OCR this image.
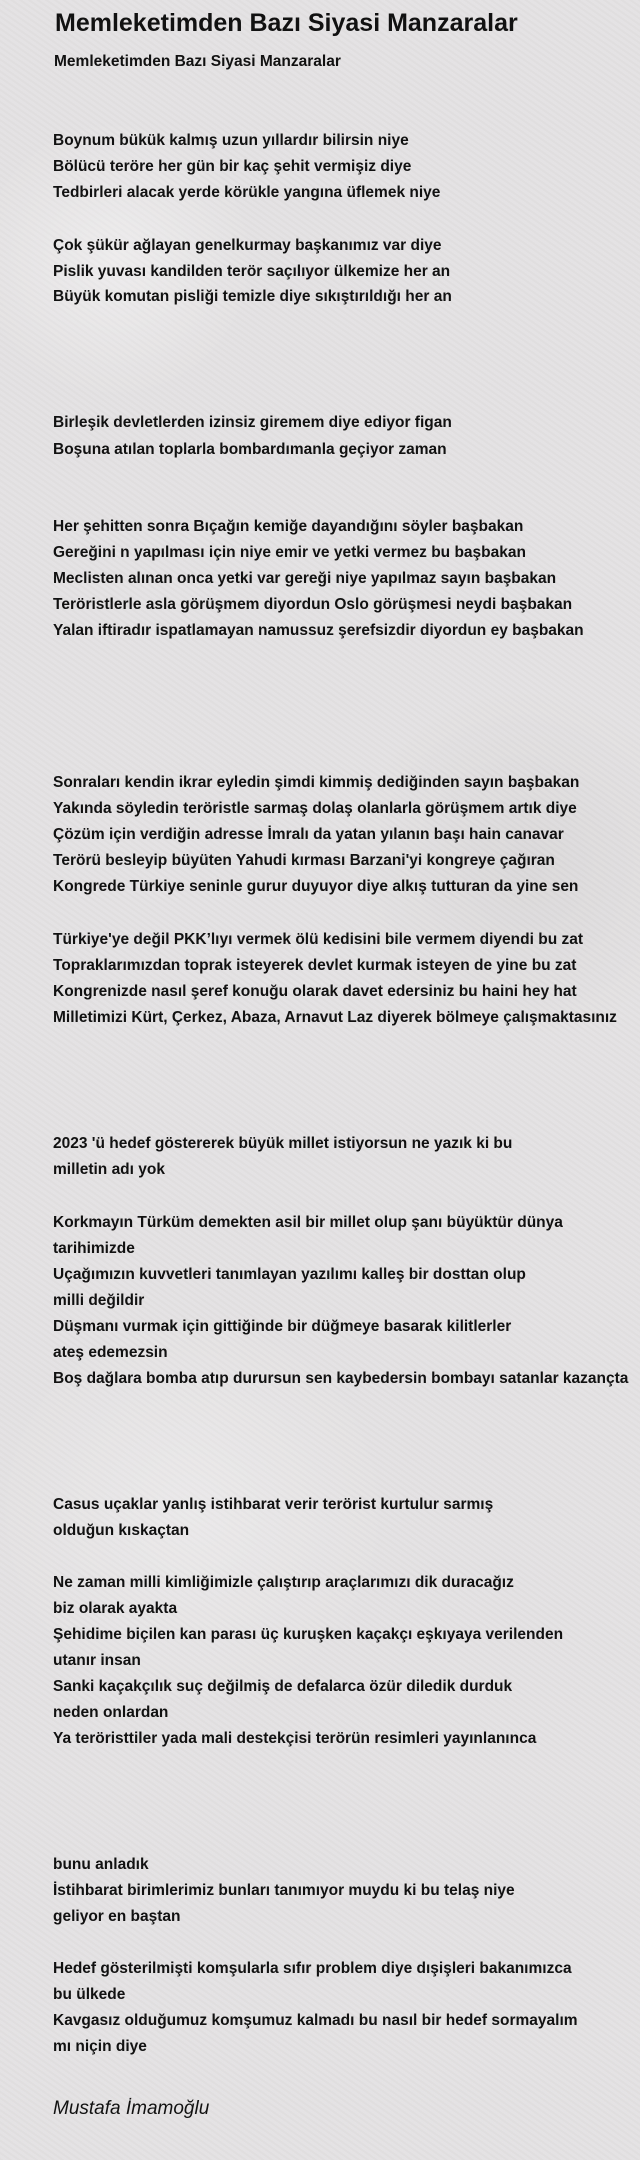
Memleketimden Bazı Siyasi Manzaralar
Memleketimden Bazı Siyasi Manzaralar
Boynum bükük kalmış uzun yıllardır bilirsin niye
Bölücü teröre her gün bir kaç şehit vermişiz diye
Tedbirleri alacak yerde körükle yangına üflemek niye
Çok şükür ağlayan genelkurmay başkanımız var diye
Pislik yuvası kandilden terör saçılıyor ülkemize her an
Büyük komutan pisliği temizle diye sıkıştırıldığı her an
Birleşik devletlerden izinsiz giremem diye ediyor figan
Boşuna atılan toplarla bombardımanla geçiyor zaman
Her şehitten sonra Bıçağın kemiğe dayandığını söyler başbakan
Gereğini n yapılması için niye emir ve yetki vermez bu başbakan
Meclisten alınan onca yetki var gereği niye yapılmaz sayın başbakan
Teröristlerle asla görüşmem diyordun Oslo görüşmesi neydi başbakan
Yalan iftiradır ispatlamayan namussuz şerefsizdir diyordun ey başbakan
Sonraları kendin ikrar eyledin şimdi kimmiş dediğinden sayın başbakan
Yakında söyledin teröristle sarmaş dolaş olanlarla görüşmem artık diye
Çözüm için verdiğin adresse İmralı da yatan yılanın başı hain canavar
Terörü besleyip büyüten Yahudi kırması Barzani'yi kongreye çağıran
Kongrede Türkiye seninle gurur duyuyor diye alkış tutturan da yine sen
Türkiye'ye değil PKK’lıyı vermek ölü kedisini bile vermem diyendi bu zat
Topraklarımızdan toprak isteyerek devlet kurmak isteyen de yine bu zat
Kongrenizde nasıl şeref konuğu olarak davet edersiniz bu haini hey hat
Milletimizi Kürt, Çerkez, Abaza, Arnavut Laz diyerek bölmeye çalışmaktasınız
2023 'ü hedef göstererek büyük millet istiyorsun ne yazık ki bu
milletin adı yok
Korkmayın Türküm demekten asil bir millet olup şanı büyüktür dünya
tarihimizde
Uçağımızın kuvvetleri tanımlayan yazılımı kalleş bir dosttan olup
milli değildir
Düşmanı vurmak için gittiğinde bir düğmeye basarak kilitlerler
ateş edemezsin
Boş dağlara bomba atıp durursun sen kaybedersin bombayı satanlar kazançta
Casus uçaklar yanlış istihbarat verir terörist kurtulur sarmış
olduğun kıskaçtan
Ne zaman milli kimliğimizle çalıştırıp araçlarımızı dik duracağız
biz olarak ayakta
Şehidime biçilen kan parası üç kuruşken kaçakçı eşkıyaya verilenden
utanır insan
Sanki kaçakçılık suç değilmiş de defalarca özür diledik durduk
neden onlardan
Ya teröristtiler yada mali destekçisi terörün resimleri yayınlanınca
bunu anladık
İstihbarat birimlerimiz bunları tanımıyor muydu ki bu telaş niye
geliyor en baştan
Hedef gösterilmişti komşularla sıfır problem diye dışişleri bakanımızca
bu ülkede
Kavgasız olduğumuz komşumuz kalmadı bu nasıl bir hedef sormayalım
mı niçin diye
Mustafa İmamoğlu
